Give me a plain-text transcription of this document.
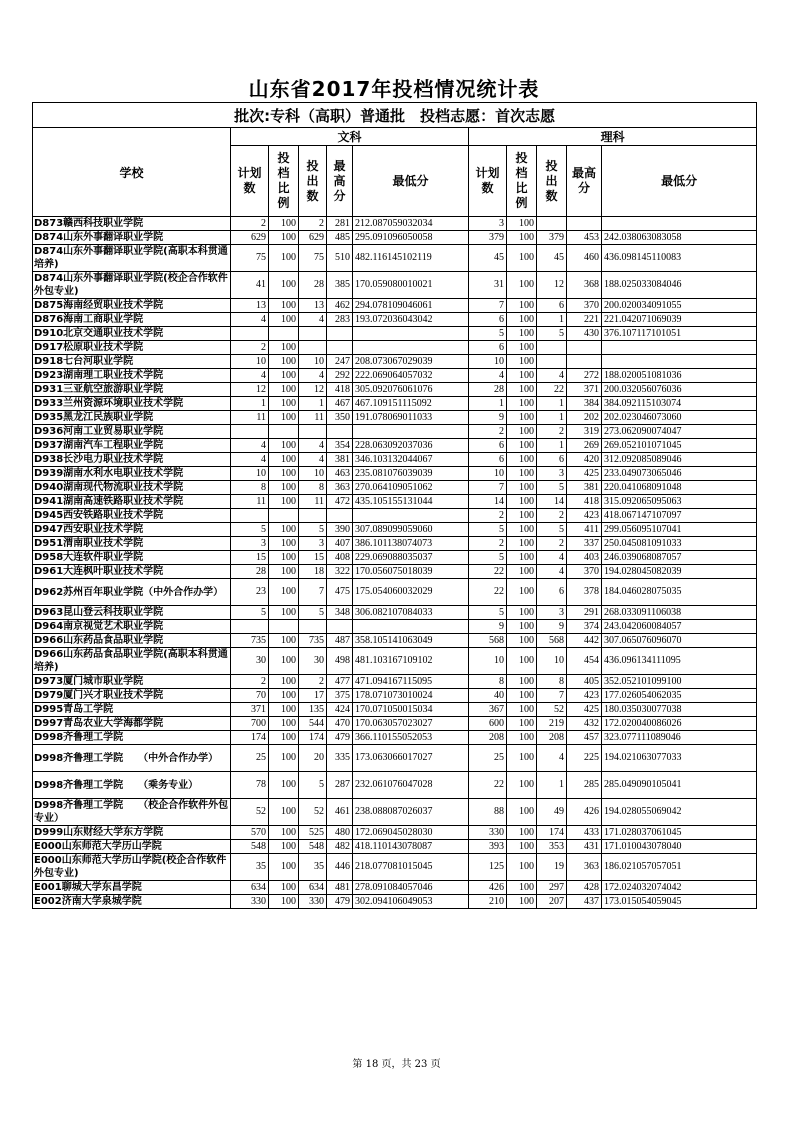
山东省2017年投档情况统计表
批次:专科（高职）普通批　投档志愿：首次志愿										
学校	文科					理科				

	计划数	投档比例	投出数	最高分	最低分	计划数	投档比例	投出数	最高分	最低分
D873赣西科技职业学院	2	100	2	281	212.087059032034	3	100			
D874山东外事翻译职业学院	629	100	629	485	295.091096050058	379	100	379	453	242.038063083058
D874山东外事翻译职业学院(高职本科贯通培养)	75	100	75	510	482.116145102119	45	100	45	460	436.098145110083
D874山东外事翻译职业学院(校企合作软件外包专业)	41	100	28	385	170.059080010021	31	100	12	368	188.025033084046
D875海南经贸职业技术学院	13	100	13	462	294.078109046061	7	100	6	370	200.020034091055
D876海南工商职业学院	4	100	4	283	193.072036043042	6	100	1	221	221.042071069039
D910北京交通职业技术学院						5	100	5	430	376.107117101051
D917松原职业技术学院	2	100				6	100			
D918七台河职业学院	10	100	10	247	208.073067029039	10	100			
D923湖南理工职业技术学院	4	100	4	292	222.069064057032	4	100	4	272	188.020051081036
D931三亚航空旅游职业学院	12	100	12	418	305.092076061076	28	100	22	371	200.032056076036
D933兰州资源环境职业技术学院	1	100	1	467	467.109151115092	1	100	1	384	384.092115103074
D935黑龙江民族职业学院	11	100	11	350	191.078069011033	9	100	1	202	202.023046073060
D936河南工业贸易职业学院						2	100	2	319	273.062090074047
D937湖南汽车工程职业学院	4	100	4	354	228.063092037036	6	100	1	269	269.052101071045
D938长沙电力职业技术学院	4	100	4	381	346.103132044067	6	100	6	420	312.092085089046
D939湖南水利水电职业技术学院	10	100	10	463	235.081076039039	10	100	3	425	233.049073065046
D940湖南现代物流职业技术学院	8	100	8	363	270.064109051062	7	100	5	381	220.041068091048
D941湖南高速铁路职业技术学院	11	100	11	472	435.105155131044	14	100	14	418	315.092065095063
D945西安铁路职业技术学院						2	100	2	423	418.067147107097
D947西安职业技术学院	5	100	5	390	307.089099059060	5	100	5	411	299.056095107041
D951渭南职业技术学院	3	100	3	407	386.101138074073	2	100	2	337	250.045081091033
D958大连软件职业学院	15	100	15	408	229.069088035037	5	100	4	403	246.039068087057
D961大连枫叶职业技术学院	28	100	18	322	170.056075018039	22	100	4	370	194.028045082039
D962苏州百年职业学院（中外合作办学）	23	100	7	475	175.054060032029	22	100	6	378	184.046028075035
D963昆山登云科技职业学院	5	100	5	348	306.082107084033	5	100	3	291	268.033091106038
D964南京视觉艺术职业学院						9	100	9	374	243.042060084057
D966山东药品食品职业学院	735	100	735	487	358.105141063049	568	100	568	442	307.065076096070
D966山东药品食品职业学院(高职本科贯通培养)	30	100	30	498	481.103167109102	10	100	10	454	436.096134111095
D973厦门城市职业学院	2	100	2	477	471.094167115095	8	100	8	405	352.052101099100
D979厦门兴才职业技术学院	70	100	17	375	178.071073010024	40	100	7	423	177.026054062035
D995青岛工学院	371	100	135	424	170.071050015034	367	100	52	425	180.035030077038
D997青岛农业大学海都学院	700	100	544	470	170.063057023027	600	100	219	432	172.020040086026
D998齐鲁理工学院	174	100	174	479	366.110155052053	208	100	208	457	323.077111089046
D998齐鲁理工学院　　（中外合作办学）	25	100	20	335	173.063066017027	25	100	4	225	194.021063077033
D998齐鲁理工学院　　（乘务专业）	78	100	5	287	232.061076047028	22	100	1	285	285.049090105041
D998齐鲁理工学院　　（校企合作软件外包专业）	52	100	52	461	238.088087026037	88	100	49	426	194.028055069042
D999山东财经大学东方学院	570	100	525	480	172.069045028030	330	100	174	433	171.028037061045
E000山东师范大学历山学院	548	100	548	482	418.110143078087	393	100	353	431	171.010043078040
E000山东师范大学历山学院(校企合作软件外包专业)	35	100	35	446	218.077081015045	125	100	19	363	186.021057057051
E001聊城大学东昌学院	634	100	634	481	278.091084057046	426	100	297	428	172.024032074042
E002济南大学泉城学院	330	100	330	479	302.094106049053	210	100	207	437	173.015054059045
第 18 页，共 23 页
